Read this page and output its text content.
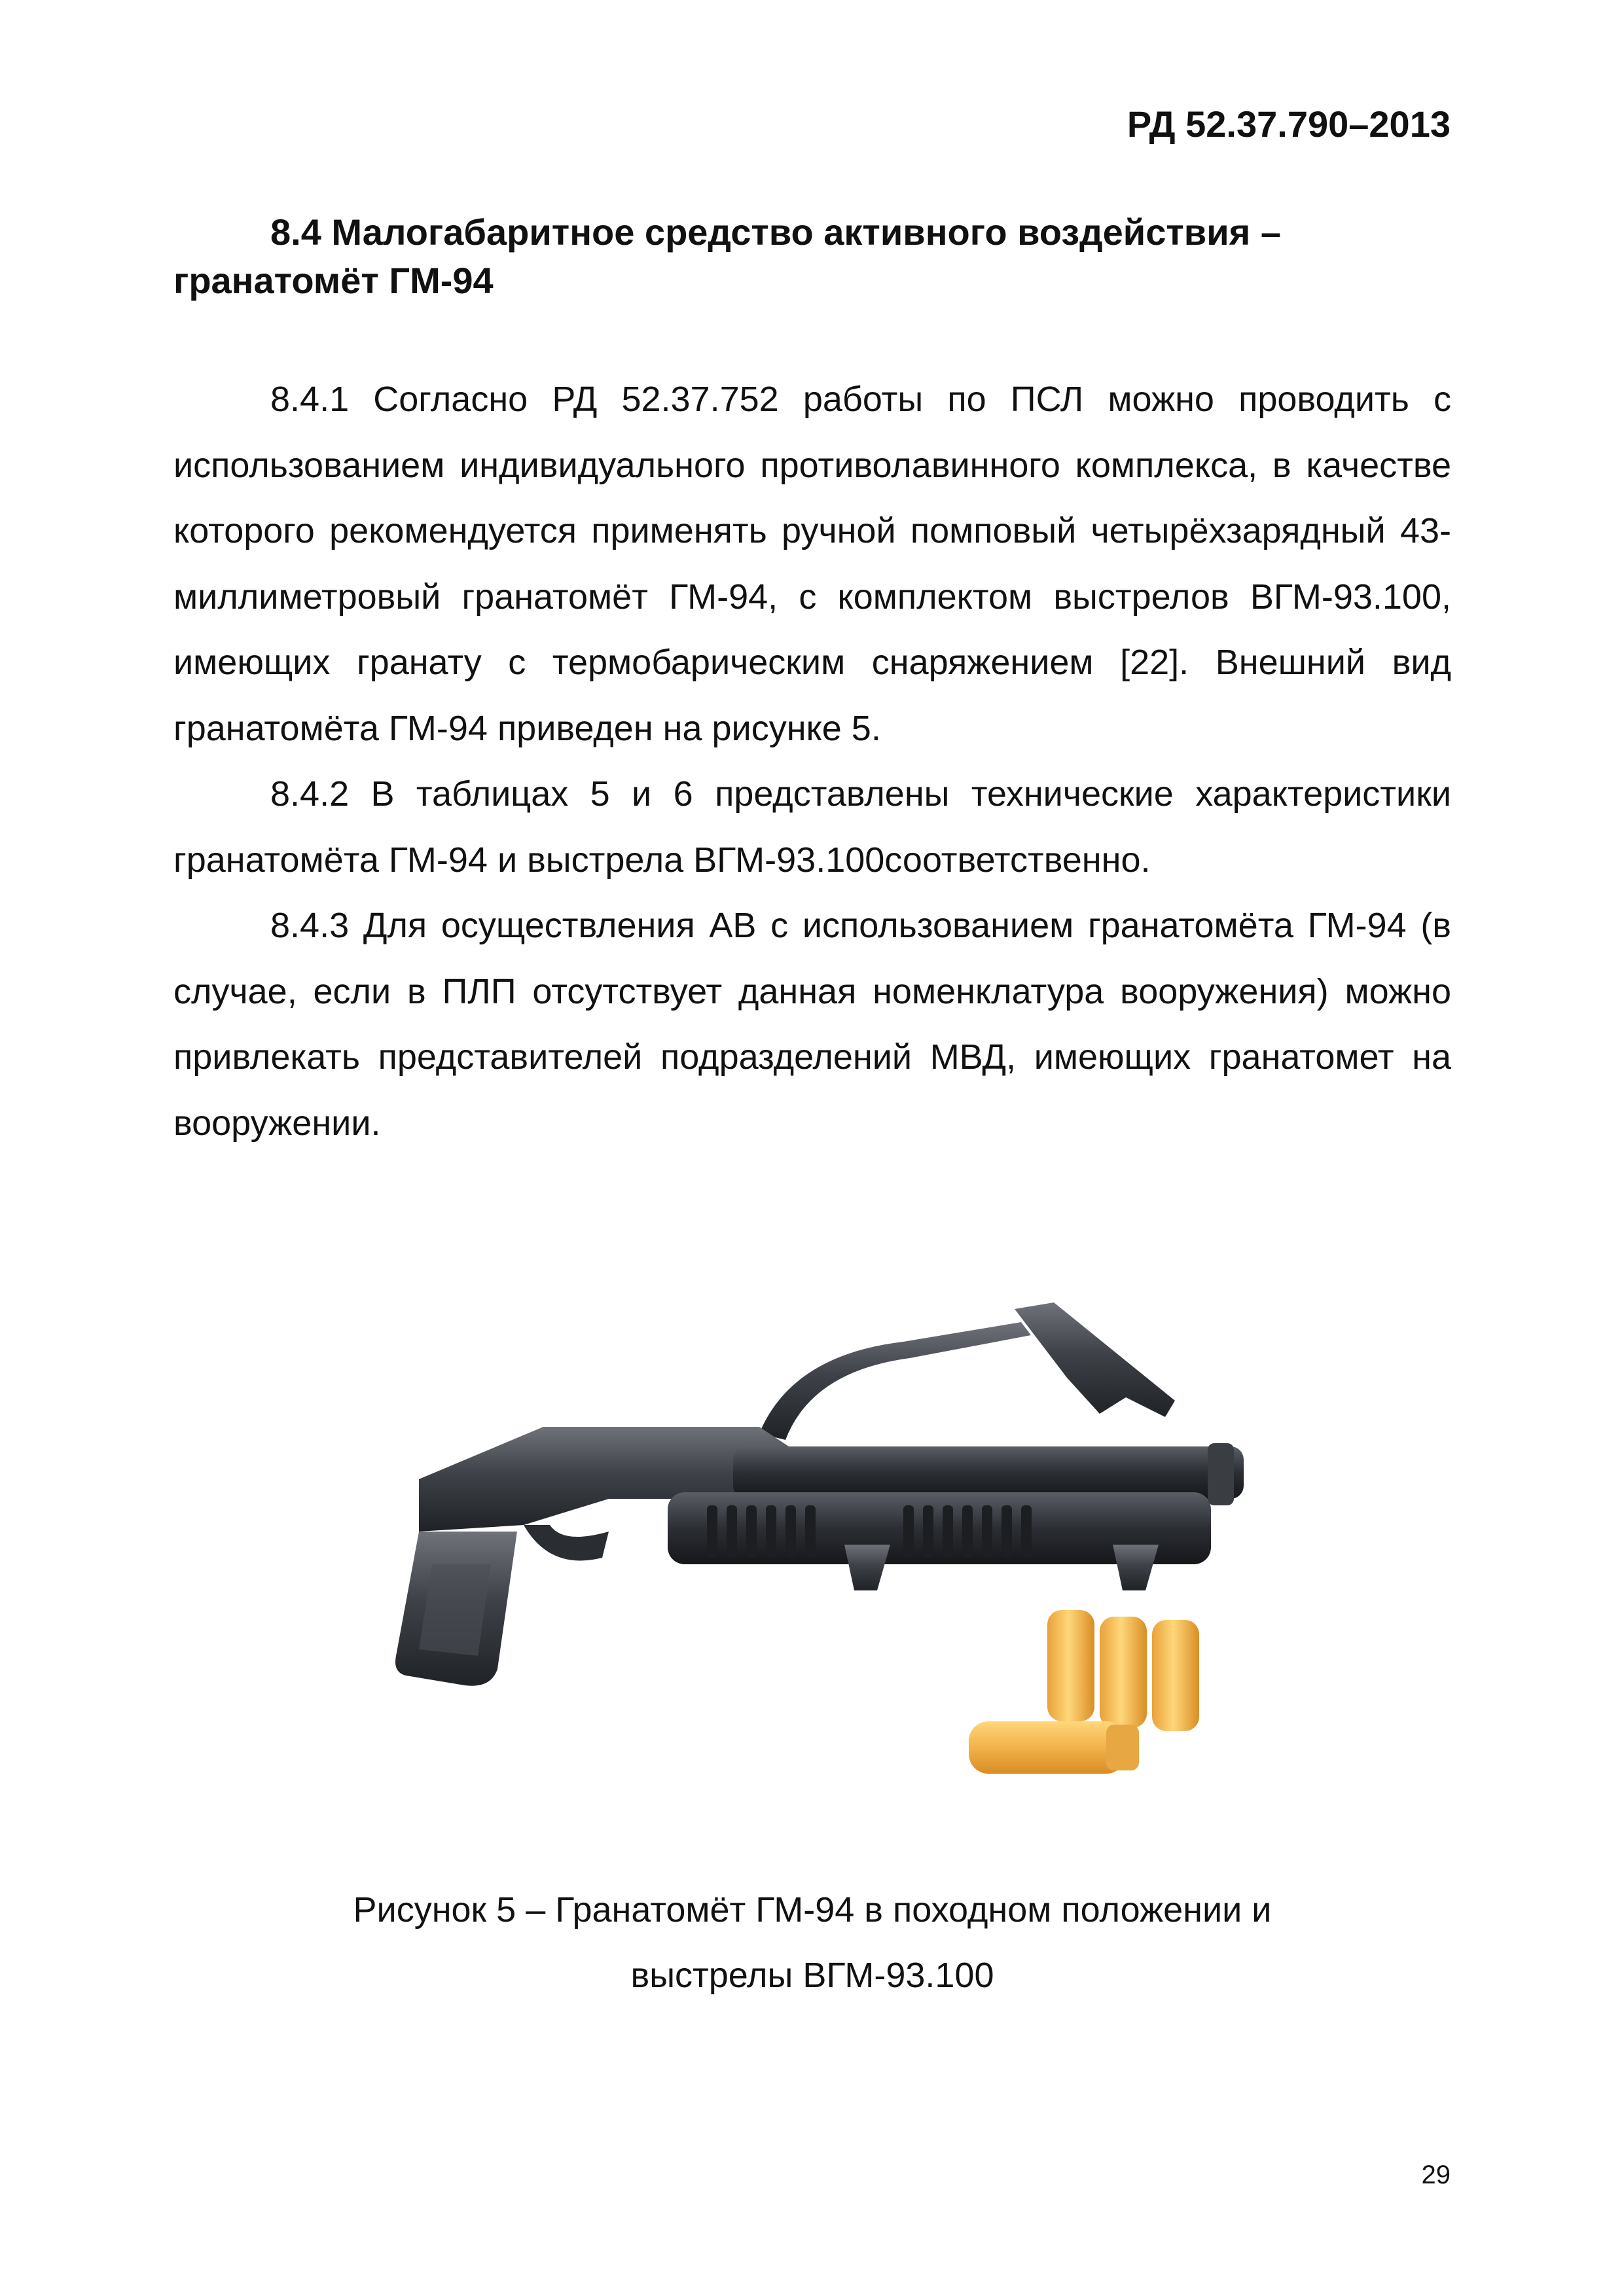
РД 52.37.790–2013
8.4 Малогабаритное средство активного воздействия – гранатомёт ГМ-94

8.4.1 Согласно РД 52.37.752 работы по ПСЛ можно проводить с использованием индивидуального противолавинного комплекса, в качестве которого рекомендуется применять ручной помповый четырёхзарядный 43-миллиметровый гранатомёт ГМ-94, с комплектом выстрелов ВГМ-93.100, имеющих гранату с термобарическим снаряжением [22]. Внешний вид гранатомёта ГМ-94 приведен на рисунке 5.

8.4.2 В таблицах 5 и 6 представлены технические характеристики гранатомёта ГМ-94 и выстрела ВГМ-93.100соответственно.

8.4.3 Для осуществления АВ с использованием гранатомёта ГМ-94 (в случае, если в ПЛП отсутствует данная номенклатура вооружения) можно привлекать представителей подразделений МВД, имеющих гранатомет на вооружении.

Рисунок 5 – Гранатомёт ГМ-94 в походном положении и
выстрелы ВГМ-93.100
29
